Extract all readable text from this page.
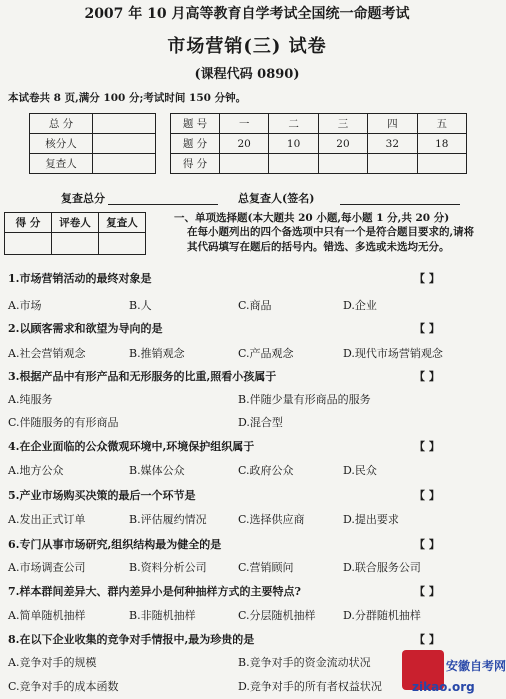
2007 年 10 月高等教育自学考试全国统一命题考试
市场营销(三) 试卷
(课程代码 0890)
本试卷共 8 页,满分 100 分;考试时间 150 分钟。
总 分			题 号	一	二	三	四	五
核分人			题 分	20	10	20	32	18
复查人			得 分					
复查总分	总复查人(签名)
得 分	评卷人	复查人
			一、单项选择题(本大题共 20 小题,每小题 1 分,共 20 分)
在每小题列出的四个备选项中只有一个是符合题目要求的,请将其代码填写在题后的括号内。错选、多选或未选均无分。
1.市场营销活动的最终对象是	【 】
A.市场	B.人	C.商品	D.企业
2.以顾客需求和欲望为导向的是	【 】
A.社会营销观念	B.推销观念	C.产品观念	D.现代市场营销观念
3.根据产品中有形产品和无形服务的比重,照看小孩属于	【 】
A.纯服务	B.伴随少量有形商品的服务
C.伴随服务的有形商品	D.混合型
4.在企业面临的公众微观环境中,环境保护组织属于	【 】
A.地方公众	B.媒体公众	C.政府公众	D.民众
5.产业市场购买决策的最后一个环节是	【 】
A.发出正式订单	B.评估履约情况	C.选择供应商	D.提出要求
6.专门从事市场研究,组织结构最为健全的是	【 】
A.市场调查公司	B.资料分析公司	C.营销顾问	D.联合服务公司
7.样本群间差异大、群内差异小是何种抽样方式的主要特点?	【 】
A.简单随机抽样	B.非随机抽样	C.分层随机抽样 D.分群随机抽样
8.在以下企业收集的竞争对手情报中,最为珍贵的是	【 】
A.竞争对手的规模	B.竞争对手的资金流动状况
C.竞争对手的成本函数	D.竞争对手的所有者权益状况
安徽自考网
zikao.org
